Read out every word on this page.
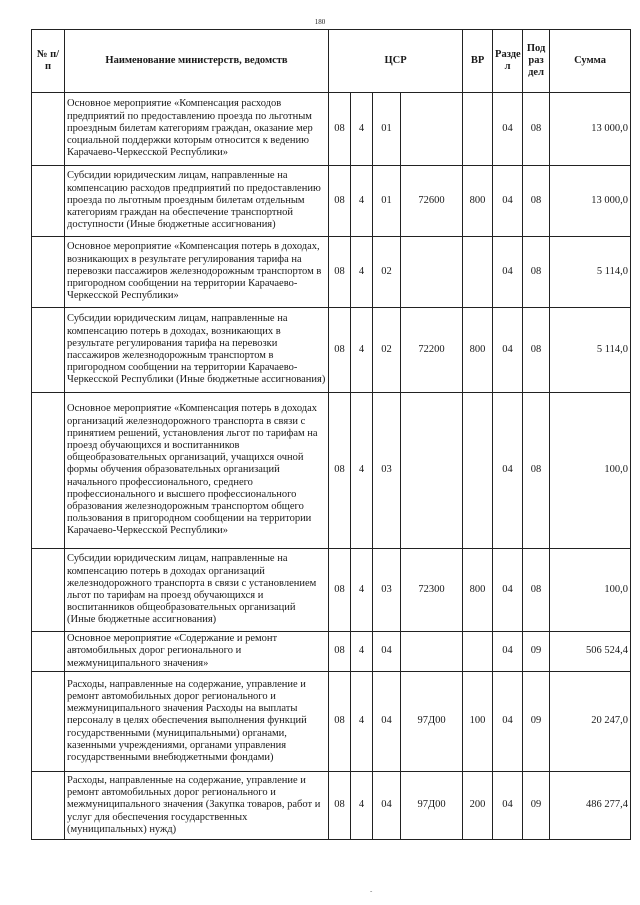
180
№ п/п	Наименование министерств, ведомств	ЦСР				ВР	Разде л	Под раз дел	Сумма
	Основное мероприятие «Компенсация расходов предприятий по предоставлению проезда по льготным проездным билетам категориям граждан, оказание мер социальной поддержки которым относится к ведению Карачаево-Черкесской Республики»	08	4	01			04	08	13 000,0
	Субсидии юридическим лицам, направленные на компенсацию расходов предприятий по предоставлению проезда по льготным проездным билетам отдельным категориям граждан на обеспечение транспортной доступности (Иные бюджетные ассигнования)	08	4	01	72600	800	04	08	13 000,0
	Основное мероприятие «Компенсация потерь в доходах, возникающих в результате регулирования тарифа на перевозки пассажиров железнодорожным транспортом в пригородном сообщении на территории Карачаево-Черкесской Республики»	08	4	02			04	08	5 114,0
	Субсидии юридическим лицам, направленные на компенсацию потерь в доходах, возникающих в результате регулирования тарифа на перевозки пассажиров железнодорожным транспортом в пригородном сообщении на территории Карачаево-Черкесской Республики (Иные бюджетные ассигнования)	08	4	02	72200	800	04	08	5 114,0
	Основное мероприятие «Компенсация потерь в доходах организаций железнодорожного транспорта в связи с принятием решений, установления льгот по тарифам на проезд обучающихся и воспитанников общеобразовательных организаций, учащихся очной формы обучения образовательных организаций начального профессионального, среднего профессионального и высшего профессионального образования железнодорожным транспортом общего пользования в пригородном сообщении на территории Карачаево-Черкесской Республики»	08	4	03			04	08	100,0
	Субсидии юридическим лицам, направленные на компенсацию потерь в доходах организаций железнодорожного транспорта в связи с установлением льгот по тарифам на проезд обучающихся и воспитанников общеобразовательных организаций (Иные бюджетные ассигнования)	08	4	03	72300	800	04	08	100,0
	Основное мероприятие «Содержание и ремонт автомобильных дорог регионального и межмуниципального значения»	08	4	04			04	09	506 524,4
	Расходы, направленные на содержание, управление и ремонт автомобильных дорог регионального и межмуниципального значения Расходы на выплаты персоналу в целях обеспечения выполнения функций государственными (муниципальными) органами, казенными учреждениями, органами управления государственными внебюджетными фондами)	08	4	04	97Д00	100	04	09	20 247,0
	Расходы, направленные на содержание, управление и ремонт автомобильных дорог регионального и межмуниципального значения (Закупка товаров, работ и услуг для обеспечения государственных (муниципальных) нужд)	08	4	04	97Д00	200	04	09	486 277,4
-
